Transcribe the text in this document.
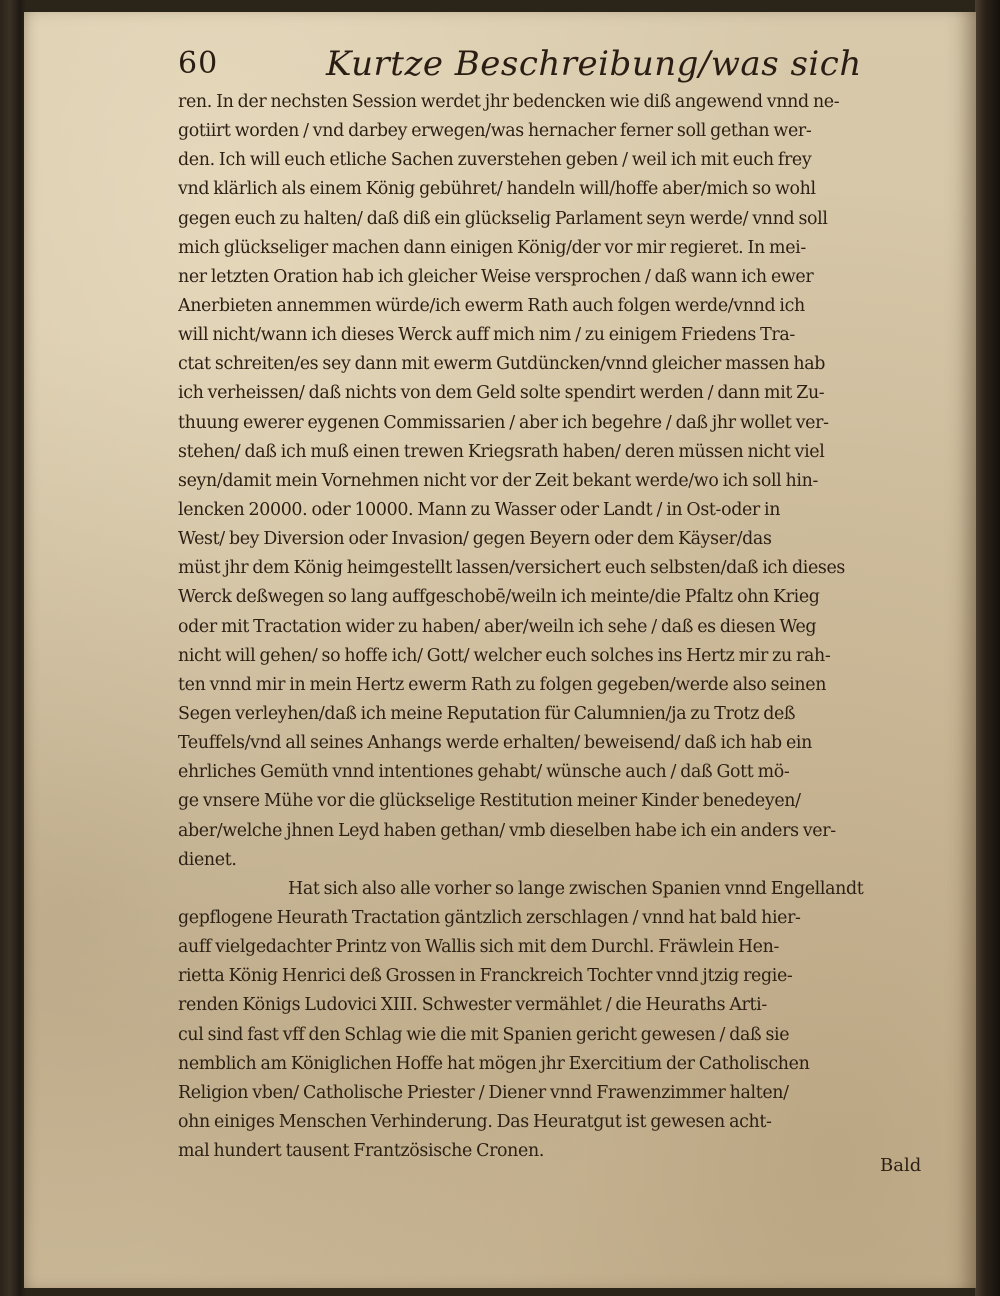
60	Kurtze Beschreibung/was sich
ren. In der nechsten Session werdet jhr bedencken wie diß angewend vnnd ne-
gotiirt worden / vnd darbey erwegen/was hernacher ferner soll gethan wer-
den. Ich will euch etliche Sachen zuverstehen geben / weil ich mit euch frey
vnd klärlich als einem König gebühret/ handeln will/hoffe aber/mich so wohl
gegen euch zu halten/ daß diß ein glückselig Parlament seyn werde/ vnnd soll
mich glückseliger machen dann einigen König/der vor mir regieret. In mei-
ner letzten Oration hab ich gleicher Weise versprochen / daß wann ich ewer
Anerbieten annemmen würde/ich ewerm Rath auch folgen werde/vnnd ich
will nicht/wann ich dieses Werck auff mich nim / zu einigem Friedens Tra-
ctat schreiten/es sey dann mit ewerm Gutdüncken/vnnd gleicher massen hab
ich verheissen/ daß nichts von dem Geld solte spendirt werden / dann mit Zu-
thuung ewerer eygenen Commissarien / aber ich begehre / daß jhr wollet ver-
stehen/ daß ich muß einen trewen Kriegsrath haben/ deren müssen nicht viel
seyn/damit mein Vornehmen nicht vor der Zeit bekant werde/wo ich soll hin-
lencken 20000. oder 10000. Mann zu Wasser oder Landt / in Ost-oder in
West/ bey Diversion oder Invasion/ gegen Beyern oder dem Käyser/das
müst jhr dem König heimgestellt lassen/versichert euch selbsten/daß ich dieses
Werck deßwegen so lang auffgeschobē/weiln ich meinte/die Pfaltz ohn Krieg
oder mit Tractation wider zu haben/ aber/weiln ich sehe / daß es diesen Weg
nicht will gehen/ so hoffe ich/ Gott/ welcher euch solches ins Hertz mir zu rah-
ten vnnd mir in mein Hertz ewerm Rath zu folgen gegeben/werde also seinen
Segen verleyhen/daß ich meine Reputation für Calumnien/ja zu Trotz deß
Teuffels/vnd all seines Anhangs werde erhalten/ beweisend/ daß ich hab ein
ehrliches Gemüth vnnd intentiones gehabt/ wünsche auch / daß Gott mö-
ge vnsere Mühe vor die glückselige Restitution meiner Kinder benedeyen/
aber/welche jhnen Leyd haben gethan/ vmb dieselben habe ich ein anders ver-
dienet.
Hat sich also alle vorher so lange zwischen Spanien vnnd Engellandt
gepflogene Heurath Tractation gäntzlich zerschlagen / vnnd hat bald hier-
auff vielgedachter Printz von Wallis sich mit dem Durchl. Fräwlein Hen-
rietta König Henrici deß Grossen in Franckreich Tochter vnnd jtzig regie-
renden Königs Ludovici XIII. Schwester vermählet / die Heuraths Arti-
cul sind fast vff den Schlag wie die mit Spanien gericht gewesen / daß sie
nemblich am Königlichen Hoffe hat mögen jhr Exercitium der Catholischen
Religion vben/ Catholische Priester / Diener vnnd Frawenzimmer halten/
ohn einiges Menschen Verhinderung. Das Heuratgut ist gewesen acht-
mal hundert tausent Frantzösische Cronen.
Bald
